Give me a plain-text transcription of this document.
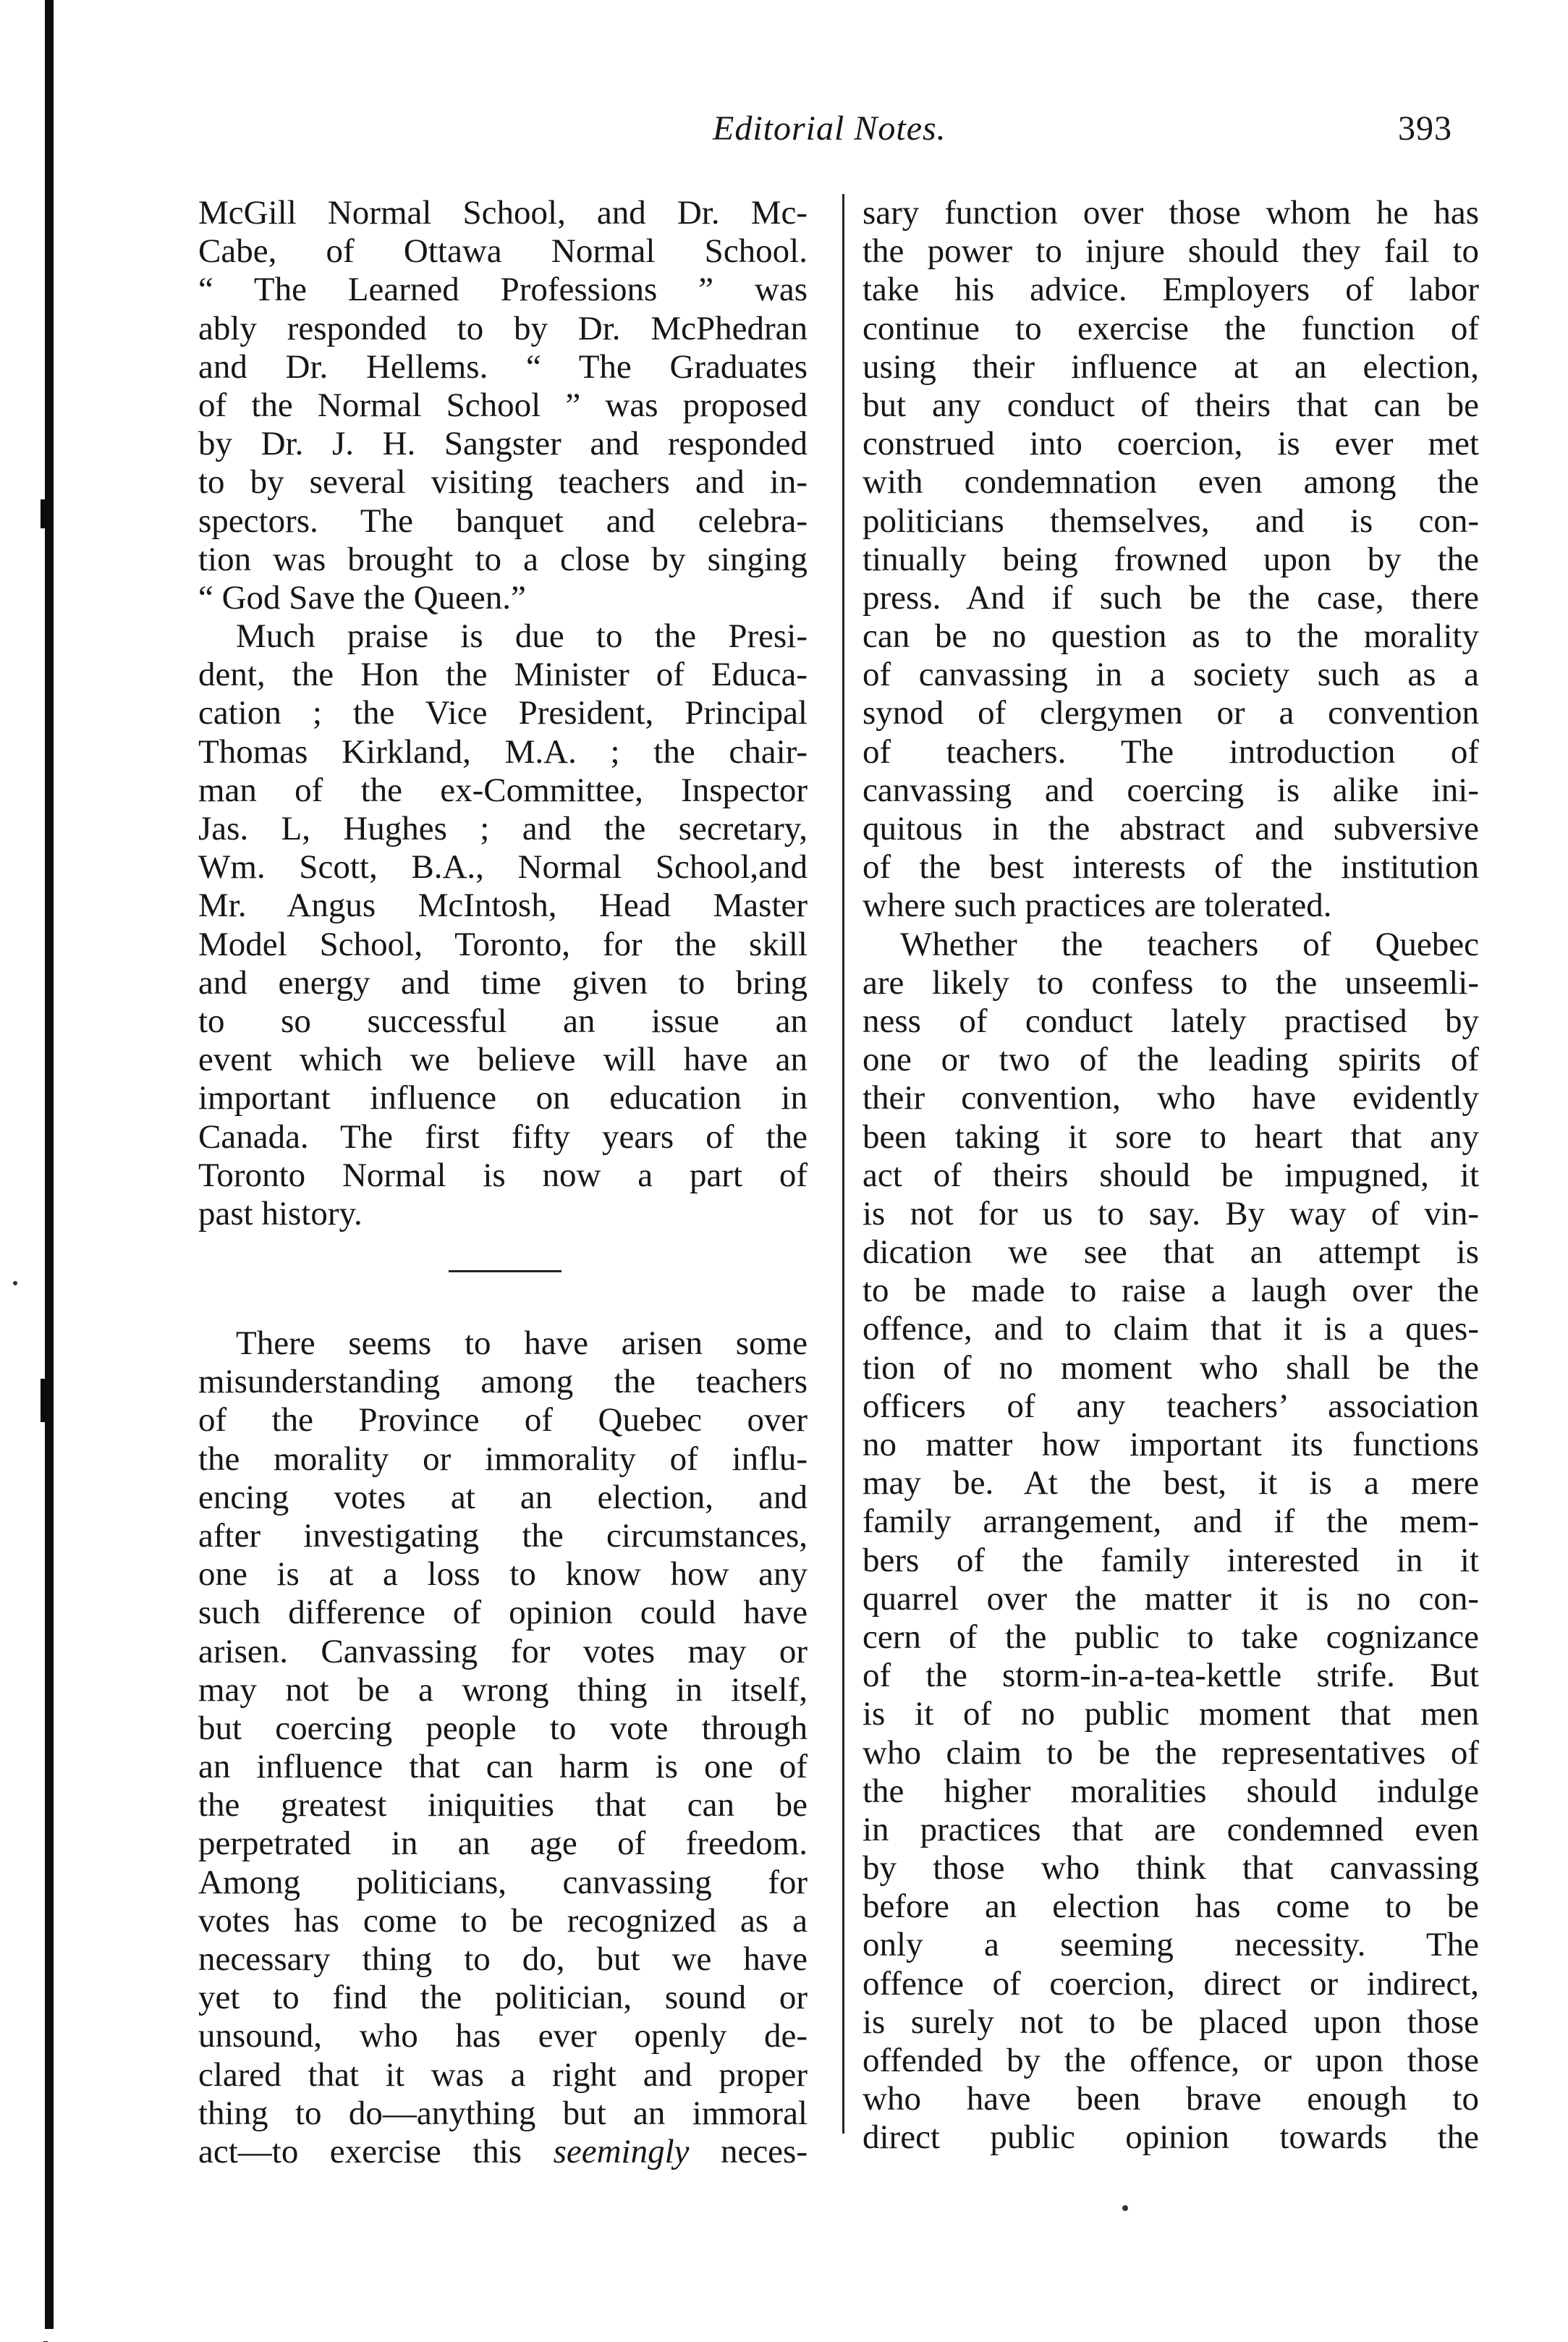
Editorial Notes.	393
McGill Normal School, and Dr. Mc-
Cabe, of Ottawa Normal School.
“ The Learned Professions ” was
ably responded to by Dr. McPhedran
and Dr. Hellems. “ The Graduates
of the Normal School ” was proposed
by Dr. J. H. Sangster and responded
to by several visiting teachers and in-
spectors. The banquet and celebra-
tion was brought to a close by singing
“ God Save the Queen.”
Much praise is due to the Presi-
dent, the Hon the Minister of Educa-
cation ; the Vice President, Principal
Thomas Kirkland, M.A. ; the chair-
man of the ex-Committee, Inspector
Jas. L, Hughes ; and the secretary,
Wm. Scott, B.A., Normal School,and
Mr. Angus McIntosh, Head Master
Model School, Toronto, for the skill
and energy and time given to bring
to so successful an issue an
event which we believe will have an
important influence on education in
Canada. The first fifty years of the
Toronto Normal is now a part of
past history.
There seems to have arisen some
misunderstanding among the teachers
of the Province of Quebec over
the morality or immorality of influ-
encing votes at an election, and
after investigating the circumstances,
one is at a loss to know how any
such difference of opinion could have
arisen. Canvassing for votes may or
may not be a wrong thing in itself,
but coercing people to vote through
an influence that can harm is one of
the greatest iniquities that can be
perpetrated in an age of freedom.
Among politicians, canvassing for
votes has come to be recognized as a
necessary thing to do, but we have
yet to find the politician, sound or
unsound, who has ever openly de-
clared that it was a right and proper
thing to do—anything but an immoral
act—to exercise this seemingly neces-
sary function over those whom he has
the power to injure should they fail to
take his advice. Employers of labor
continue to exercise the function of
using their influence at an election,
but any conduct of theirs that can be
construed into coercion, is ever met
with condemnation even among the
politicians themselves, and is con-
tinually being frowned upon by the
press. And if such be the case, there
can be no question as to the morality
of canvassing in a society such as a
synod of clergymen or a convention
of teachers. The introduction of
canvassing and coercing is alike ini-
quitous in the abstract and subversive
of the best interests of the institution
where such practices are tolerated.
Whether the teachers of Quebec
are likely to confess to the unseemli-
ness of conduct lately practised by
one or two of the leading spirits of
their convention, who have evidently
been taking it sore to heart that any
act of theirs should be impugned, it
is not for us to say. By way of vin-
dication we see that an attempt is
to be made to raise a laugh over the
offence, and to claim that it is a ques-
tion of no moment who shall be the
officers of any teachers’ association
no matter how important its functions
may be. At the best, it is a mere
family arrangement, and if the mem-
bers of the family interested in it
quarrel over the matter it is no con-
cern of the public to take cognizance
of the storm-in-a-tea-kettle strife. But
is it of no public moment that men
who claim to be the representatives of
the higher moralities should indulge
in practices that are condemned even
by those who think that canvassing
before an election has come to be
only a seeming necessity. The
offence of coercion, direct or indirect,
is surely not to be placed upon those
offended by the offence, or upon those
who have been brave enough to
direct public opinion towards the
